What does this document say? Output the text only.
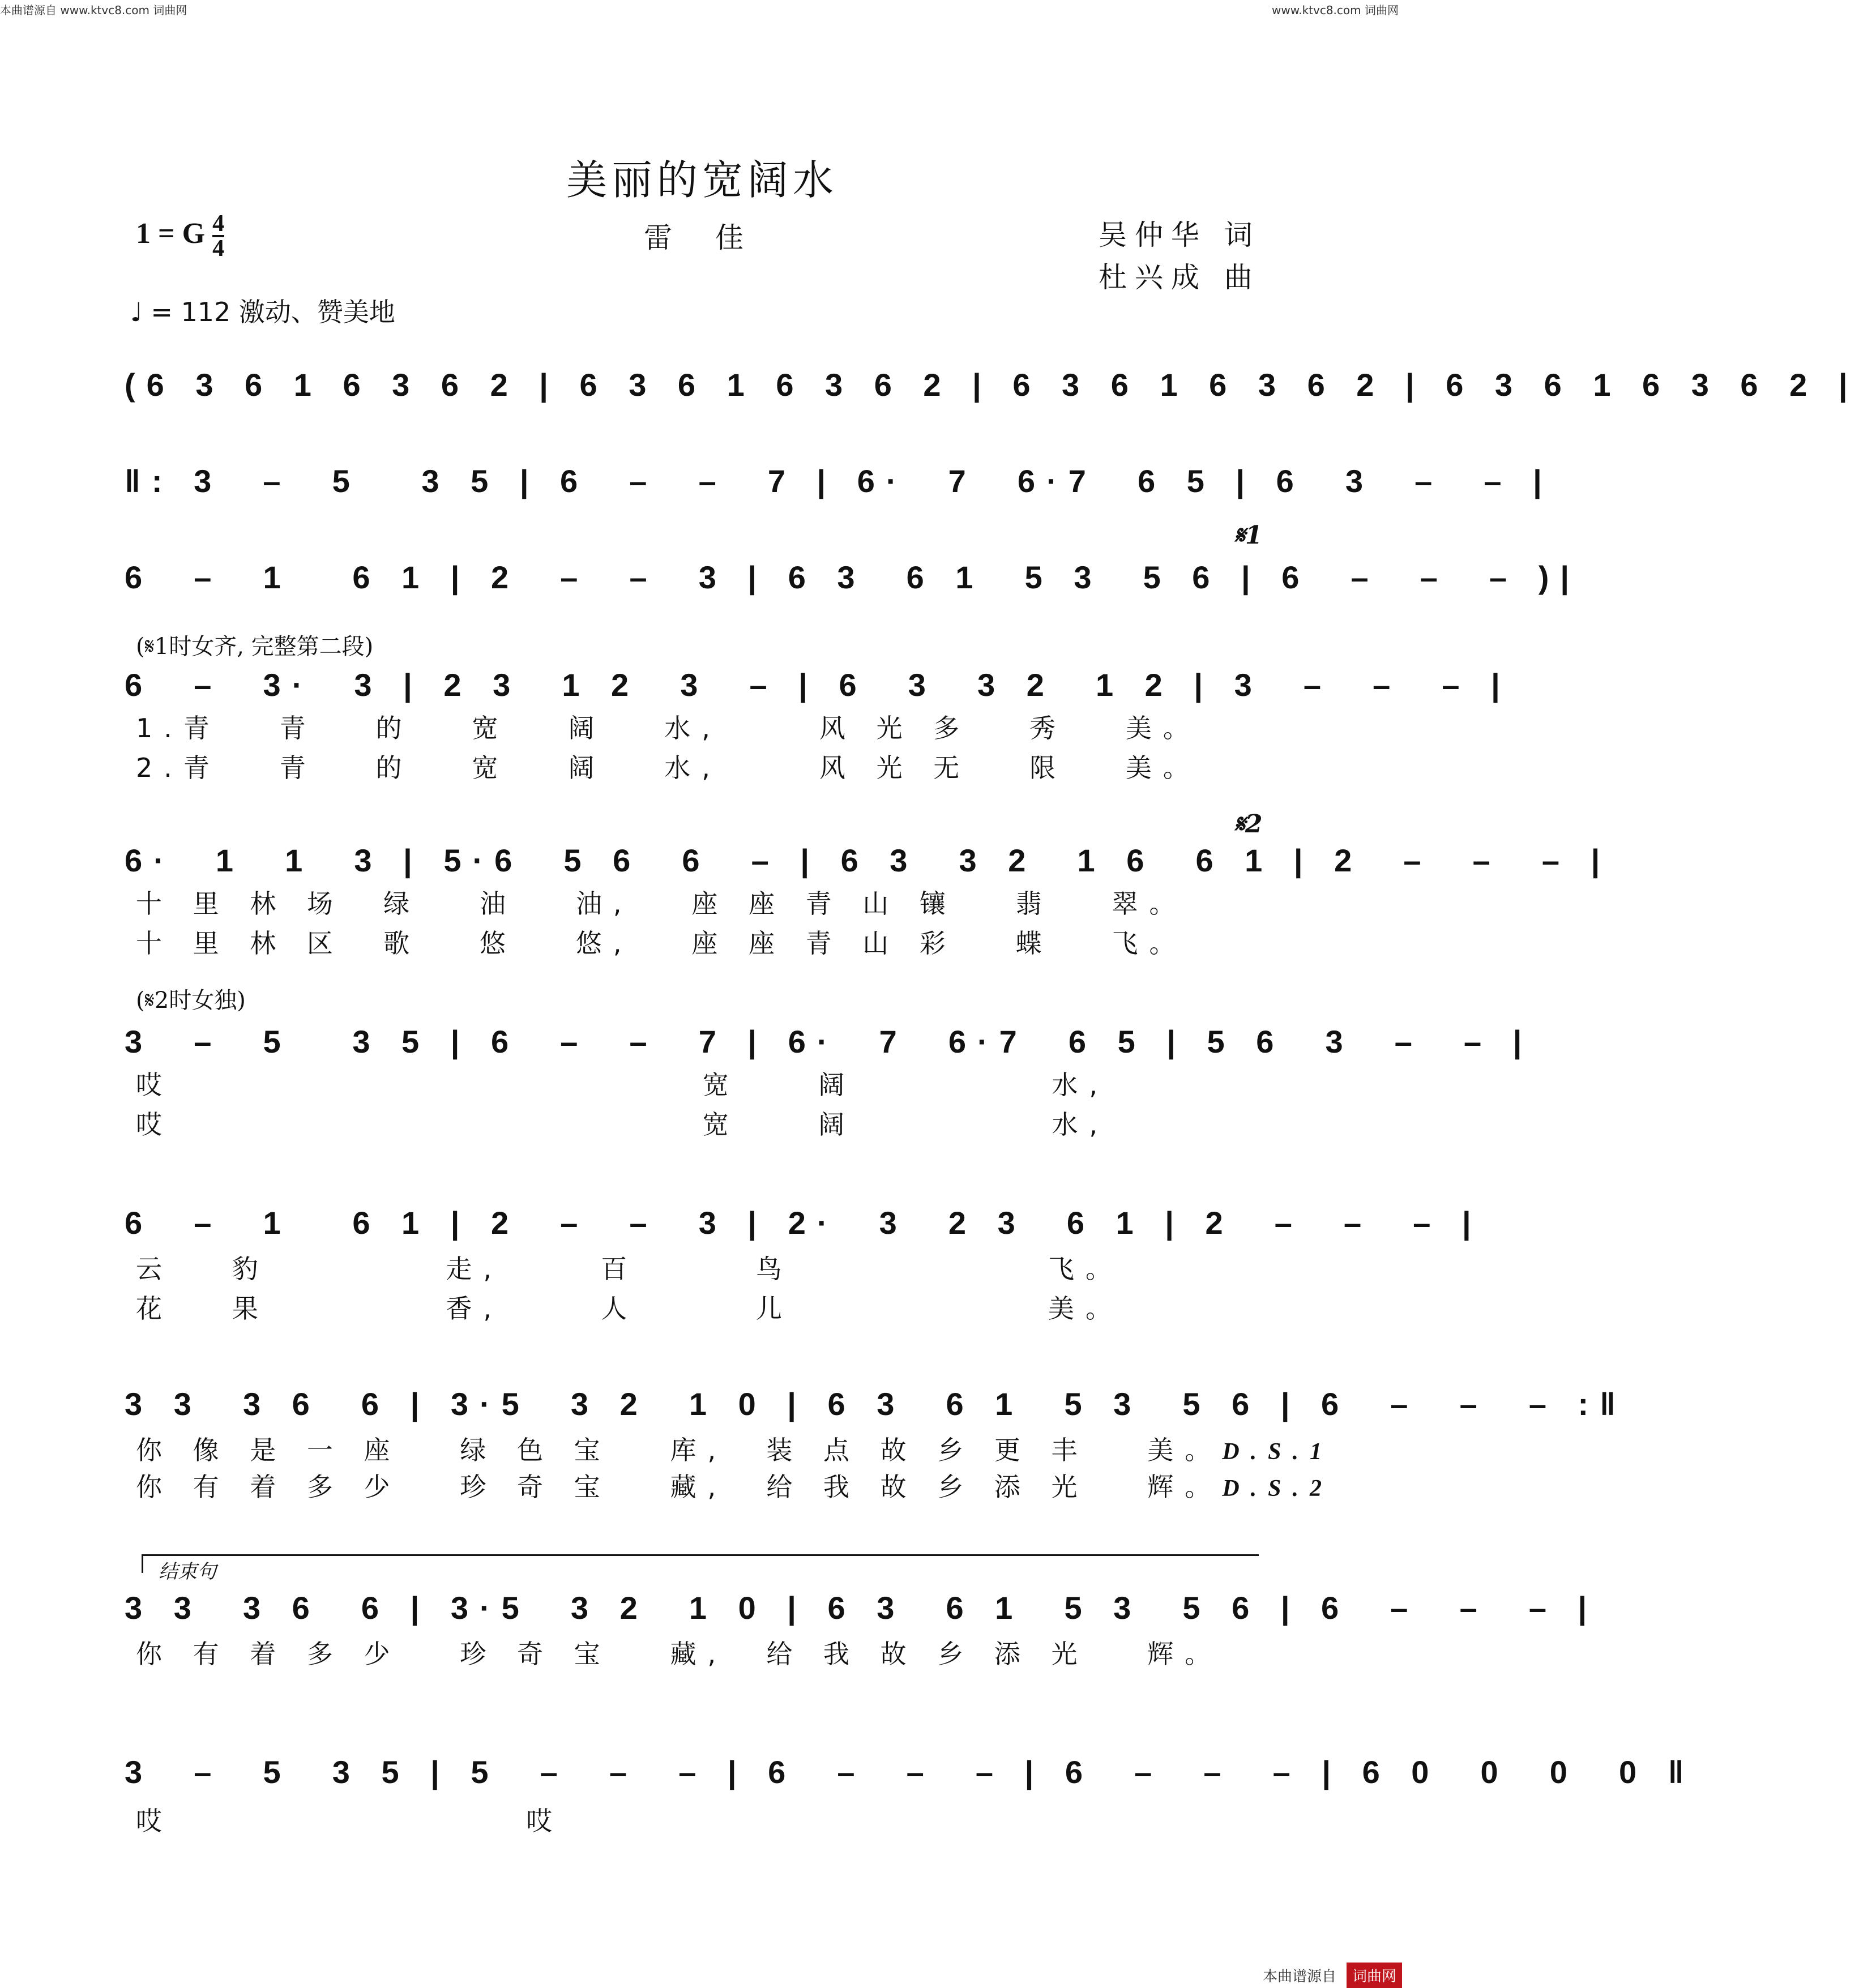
本曲谱源自 www.ktvc8.com 词曲网	www.ktvc8.com 词曲网
美丽的宽阔水
雷 佳	吴仲华 词
杜兴成 曲
1 = G $\frac{4}{4}$
♩ = 112 激动、赞美地
(6 3 6 1 6 3 6 2 | 6 3 6 1 6 3 6 2 | 6 3 6 1 6 3 6 2 | 6 3 6 1 6 3 6 2 |
‖: 3  –  5   3 5 | 6  –  –  7 | 6·  7  6·7  6 5 | 6  3  –  – |
𝄋1
6  –  1   6 1 | 2  –  –  3 | 6 3  6 1  5 3  5 6 | 6  –  –  – )|
(𝄋1时女齐, 完整第二段)
6  –  3·  3 | 2 3  1 2  3  – | 6  3  3 2  1 2 | 3  –  –  – |
1.青   青   的   宽   阔   水,     风 光 多   秀   美。
2.青   青   的   宽   阔   水,     风 光 无   限   美。
𝄋2
6·  1  1  3 | 5·6  5 6  6  – | 6 3  3 2  1 6  6 1 | 2  –  –  – |
十 里 林 场  绿   油   油,   座 座 青 山 镶   翡   翠。
十 里 林 区  歌   悠   悠,   座 座 青 山 彩   蝶   飞。
(𝄋2时女独)
3  –  5   3 5 | 6  –  –  7 | 6·  7  6·7  6 5 | 5 6  3  –  – |
哎                           宽    阔          水,
哎                           宽    阔          水,
6  –  1   6 1 | 2  –  –  3 | 2·  3  2 3  6 1 | 2  –  –  – |
云   豹         走,     百      鸟             飞。
花   果         香,     人      儿             美。
3 3  3 6  6 | 3·5  3 2  1 0 | 6 3  6 1  5 3  5 6 | 6  –  –  – :‖
你 像 是 一 座   绿 色 宝   库,  装 点 故 乡 更 丰   美。D.S.1
你 有 着 多 少   珍 奇 宝   藏,  给 我 故 乡 添 光   辉。D.S.2
结束句
3 3  3 6  6 | 3·5  3 2  1 0 | 6 3  6 1  5 3  5 6 | 6  –  –  – |
你 有 着 多 少   珍 奇 宝   藏,  给 我 故 乡 添 光   辉。
3  –  5  3 5 | 5  –  –  – | 6  –  –  – | 6  –  –  – | 6 0  0  0  0 ‖
哎                  哎
本曲谱源自	词曲网
